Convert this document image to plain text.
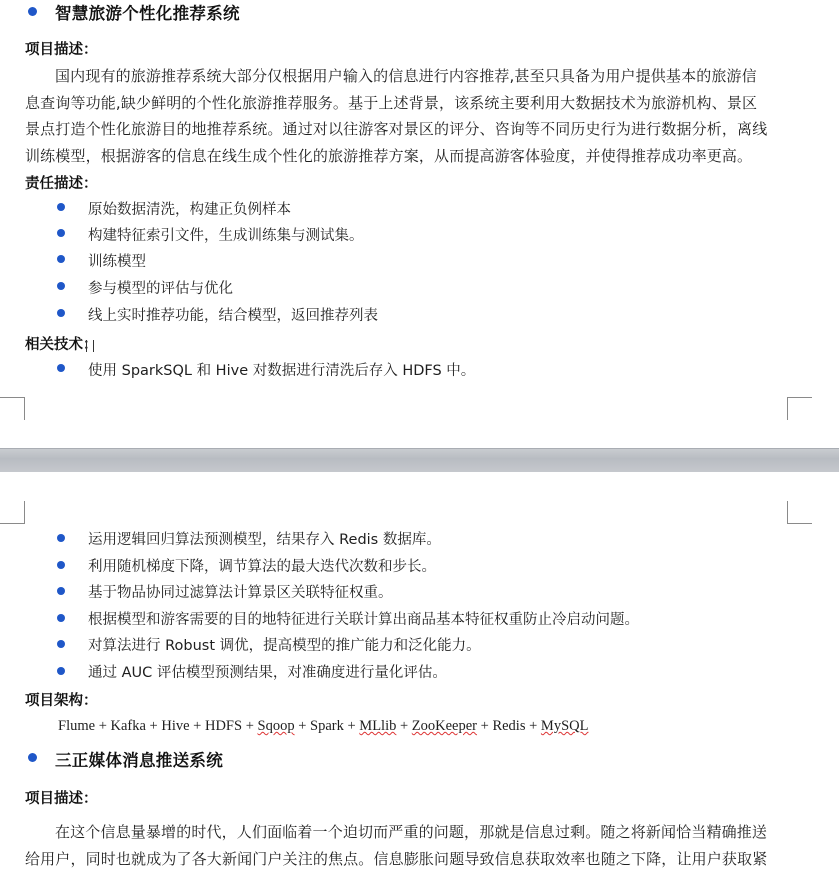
智慧旅游个性化推荐系统
项目描述：
国内现有的旅游推荐系统大部分仅根据用户输入的信息进行内容推荐,甚至只具备为用户提供基本的旅游信
息查询等功能,缺少鲜明的个性化旅游推荐服务。基于上述背景，该系统主要利用大数据技术为旅游机构、景区
景点打造个性化旅游目的地推荐系统。通过对以往游客对景区的评分、咨询等不同历史行为进行数据分析，离线
训练模型，根据游客的信息在线生成个性化的旅游推荐方案，从而提高游客体验度，并使得推荐成功率更高。
责任描述：
原始数据清洗，构建正负例样本
构建特征索引文件，生成训练集与测试集。
训练模型
参与模型的评估与优化
线上实时推荐功能，结合模型，返回推荐列表
相关技术：
使用 SparkSQL 和 Hive 对数据进行清洗后存入 HDFS 中。
运用逻辑回归算法预测模型，结果存入 Redis 数据库。
利用随机梯度下降，调节算法的最大迭代次数和步长。
基于物品协同过滤算法计算景区关联特征权重。
根据模型和游客需要的目的地特征进行关联计算出商品基本特征权重防止冷启动问题。
对算法进行 Robust 调优，提高模型的推广能力和泛化能力。
通过 AUC 评估模型预测结果，对准确度进行量化评估。
项目架构：
Flume + Kafka + Hive + HDFS + Sqoop + Spark + MLlib + ZooKeeper + Redis + MySQL
三正媒体消息推送系统
项目描述：
在这个信息量暴增的时代，人们面临着一个迫切而严重的问题，那就是信息过剩。随之将新闻恰当精确推送
给用户，同时也就成为了各大新闻门户关注的焦点。信息膨胀问题导致信息获取效率也随之下降，让用户获取紧
